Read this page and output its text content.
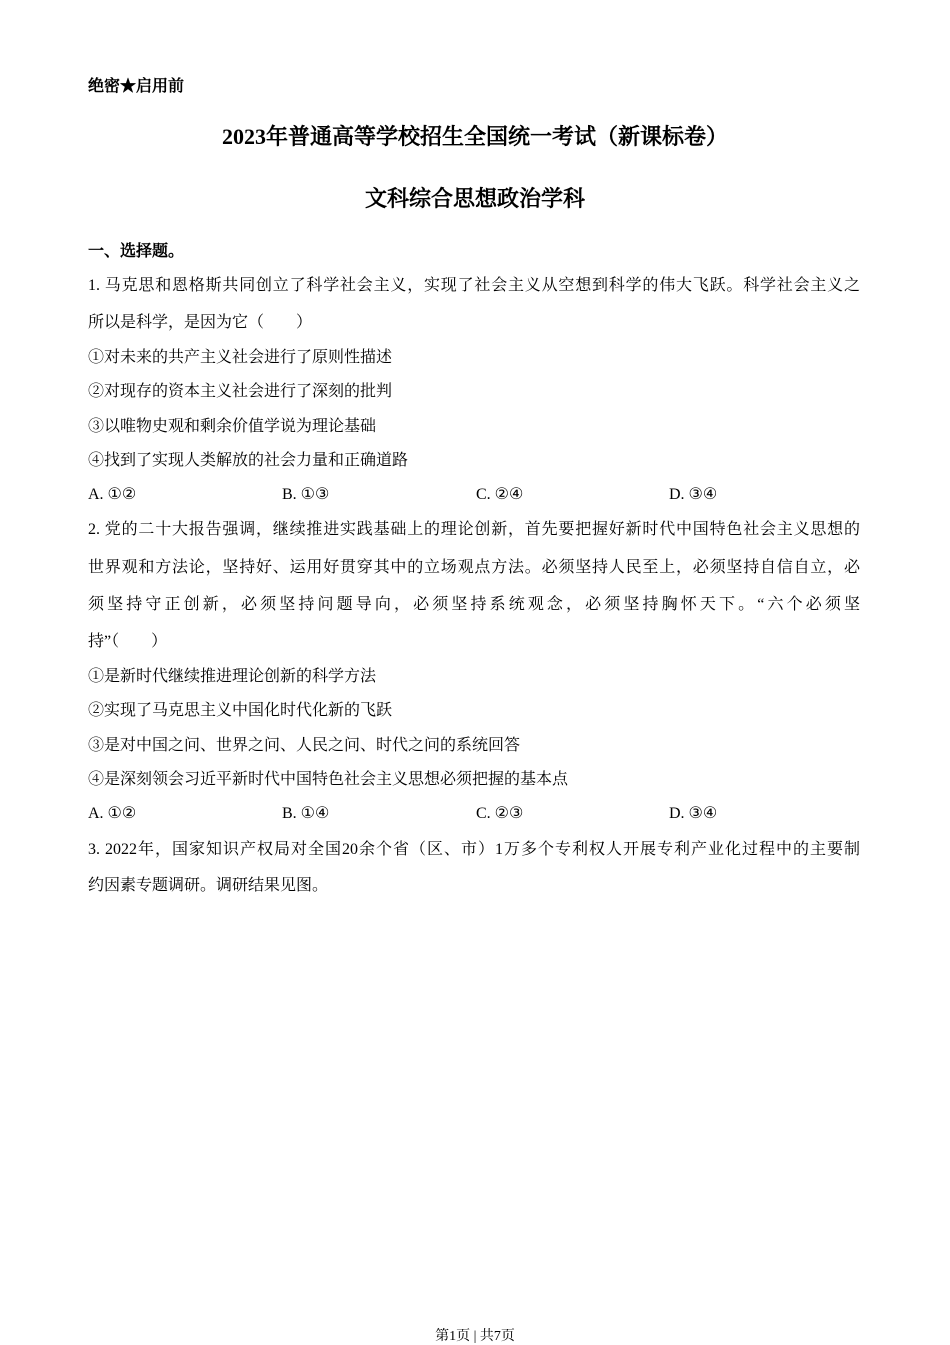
绝密★启用前
2023年普通高等学校招生全国统一考试（新课标卷）
文科综合思想政治学科
一、选择题。
1. 马克思和恩格斯共同创立了科学社会主义，实现了社会主义从空想到科学的伟大飞跃。科学社会主义之
所以是科学，是因为它（　　）
①对未来的共产主义社会进行了原则性描述
②对现存的资本主义社会进行了深刻的批判
③以唯物史观和剩余价值学说为理论基础
④找到了实现人类解放的社会力量和正确道路
A. ①②	B. ①③	C. ②④	D. ③④
2. 党的二十大报告强调，继续推进实践基础上的理论创新，首先要把握好新时代中国特色社会主义思想的
世界观和方法论，坚持好、运用好贯穿其中的立场观点方法。必须坚持人民至上，必须坚持自信自立，必
须坚持守正创新，必须坚持问题导向，必须坚持系统观念，必须坚持胸怀天下。“六个必须坚
持”（　　）
①是新时代继续推进理论创新的科学方法
②实现了马克思主义中国化时代化新的飞跃
③是对中国之问、世界之问、人民之问、时代之问的系统回答
④是深刻领会习近平新时代中国特色社会主义思想必须把握的基本点
A. ①②	B. ①④	C. ②③	D. ③④
3. 2022年，国家知识产权局对全国20余个省（区、市）1万多个专利权人开展专利产业化过程中的主要制
约因素专题调研。调研结果见图。
第1页 | 共7页
